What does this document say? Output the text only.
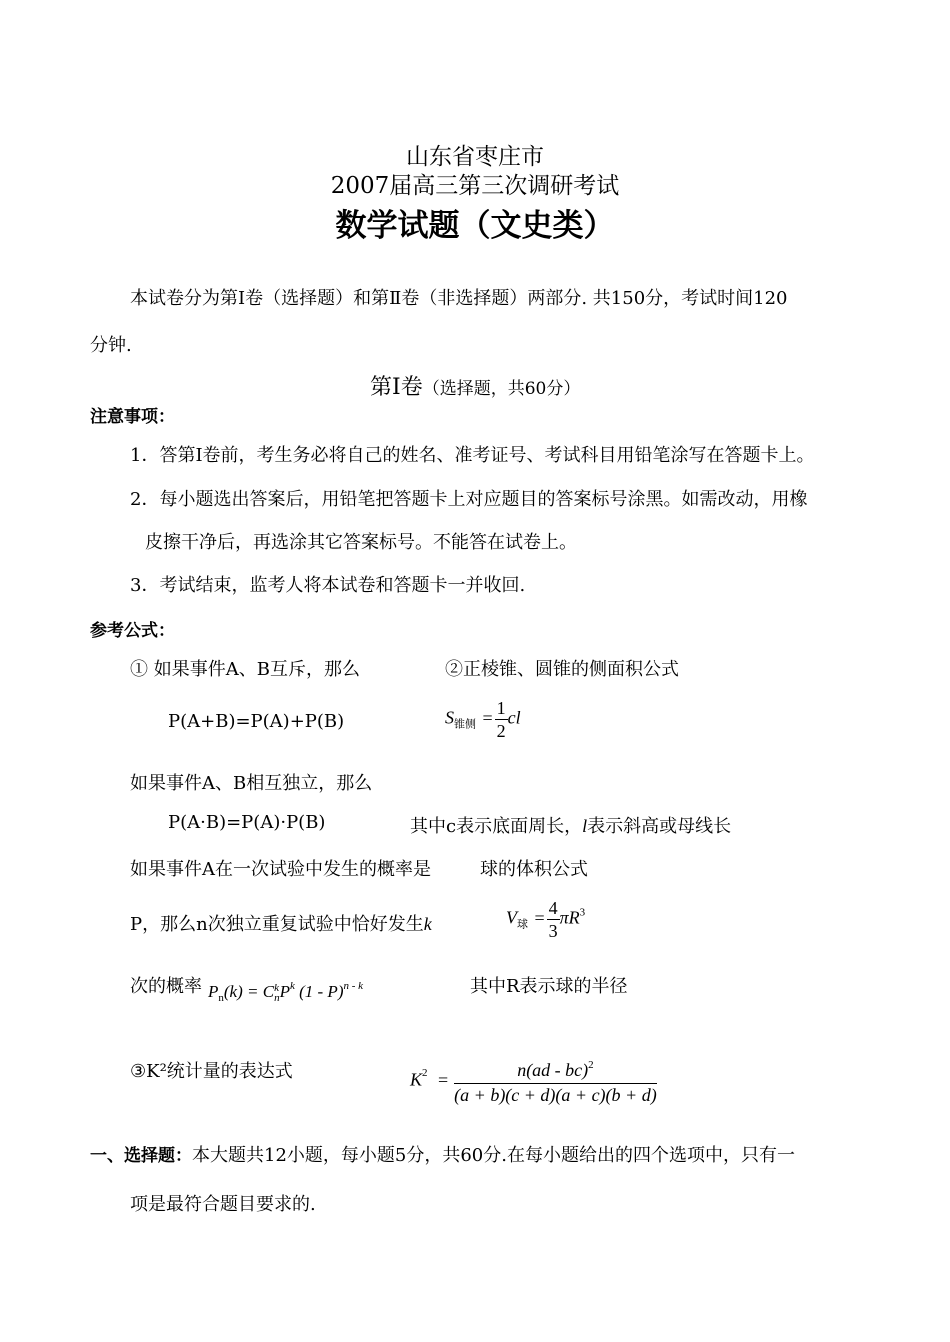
山东省枣庄市
2007届高三第三次调研考试
数学试题（文史类）
本试卷分为第Ⅰ卷（选择题）和第Ⅱ卷（非选择题）两部分. 共150分，考试时间120
分钟.
第Ⅰ卷（选择题，共60分）
注意事项：
1．答第I卷前，考生务必将自己的姓名、准考证号、考试科目用铅笔涂写在答题卡上。
2．每小题选出答案后，用铅笔把答题卡上对应题目的答案标号涂黑。如需改动，用橡
皮擦干净后，再选涂其它答案标号。不能答在试卷上。
3．考试结束，监考人将本试卷和答题卡一并收回.
参考公式：
① 如果事件A、B互斥，那么	②正棱锥、圆锥的侧面积公式
P(A+B)=P(A)+P(B)	$S_{锥侧} = \frac{1}{2}$ cl
如果事件A、B相互独立，那么
P(A·B)=P(A)·P(B)	其中c表示底面周长，l表示斜高或母线长
如果事件A在一次试验中发生的概率是	球的体积公式
P，那么n次独立重复试验中恰好发生k	$V_球 = \frac{4}{3} \pi R^3$
次的概率 $P_n(k) = C$ k
n $P^k$ (1 - P)$^{n - k}$	其中R表示球的半径
③K²统计量的表达式	$K^2 = \frac{n(ad - bc)^2}{(a + b)(c + d)(a + c)(b + d)}$
一、选择题：本大题共12小题，每小题5分，共60分.在每小题给出的四个选项中，只有一
项是最符合题目要求的.
